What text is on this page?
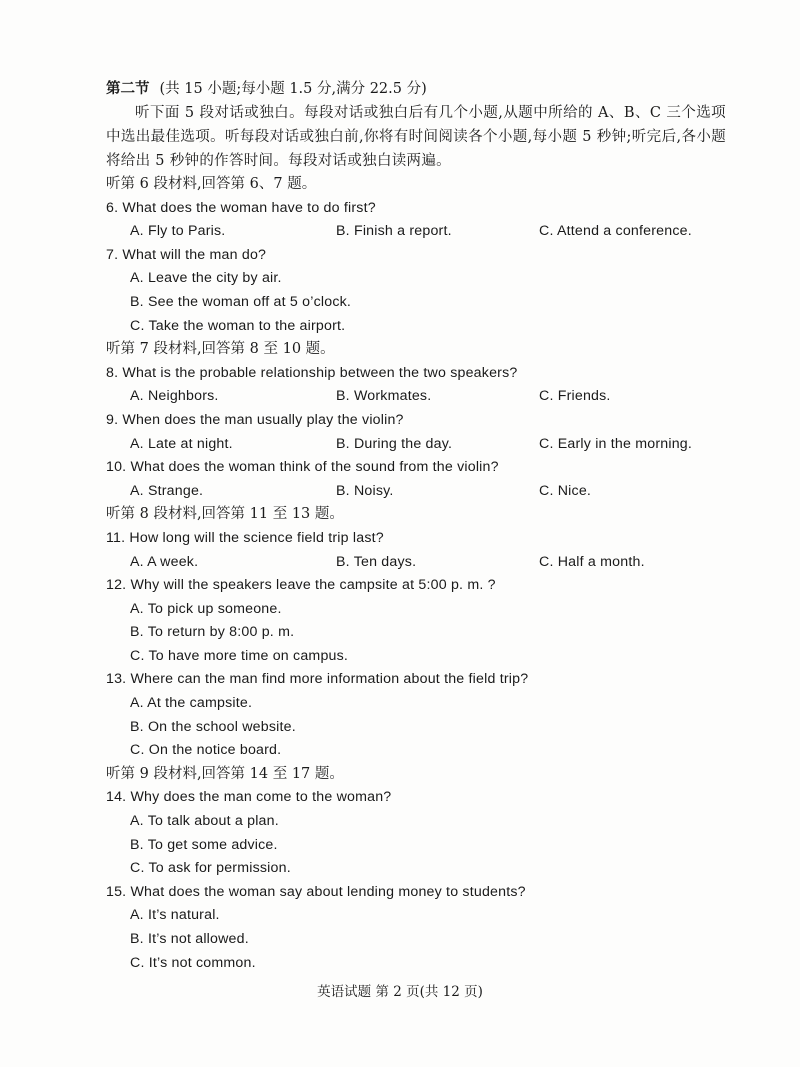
第二节 (共 15 小题;每小题 1.5 分,满分 22.5 分)
听下面 5 段对话或独白。每段对话或独白后有几个小题,从题中所给的 A、B、C 三个选项中选出最佳选项。听每段对话或独白前,你将有时间阅读各个小题,每小题 5 秒钟;听完后,各小题将给出 5 秒钟的作答时间。每段对话或独白读两遍。
听第 6 段材料,回答第 6、7 题。
6. What does the woman have to do first?
A. Fly to Paris.	B. Finish a report.	C. Attend a conference.
7. What will the man do?
A. Leave the city by air.
B. See the woman off at 5 o’clock.
C. Take the woman to the airport.
听第 7 段材料,回答第 8 至 10 题。
8. What is the probable relationship between the two speakers?
A. Neighbors.	B. Workmates.	C. Friends.
9. When does the man usually play the violin?
A. Late at night.	B. During the day.	C. Early in the morning.
10. What does the woman think of the sound from the violin?
A. Strange.	B. Noisy.	C. Nice.
听第 8 段材料,回答第 11 至 13 题。
11. How long will the science field trip last?
A. A week.	B. Ten days.	C. Half a month.
12. Why will the speakers leave the campsite at 5:00 p. m. ?
A. To pick up someone.
B. To return by 8:00 p. m.
C. To have more time on campus.
13. Where can the man find more information about the field trip?
A. At the campsite.
B. On the school website.
C. On the notice board.
听第 9 段材料,回答第 14 至 17 题。
14. Why does the man come to the woman?
A. To talk about a plan.
B. To get some advice.
C. To ask for permission.
15. What does the woman say about lending money to students?
A. It’s natural.
B. It’s not allowed.
C. It’s not common.
英语试题 第 2 页(共 12 页)
